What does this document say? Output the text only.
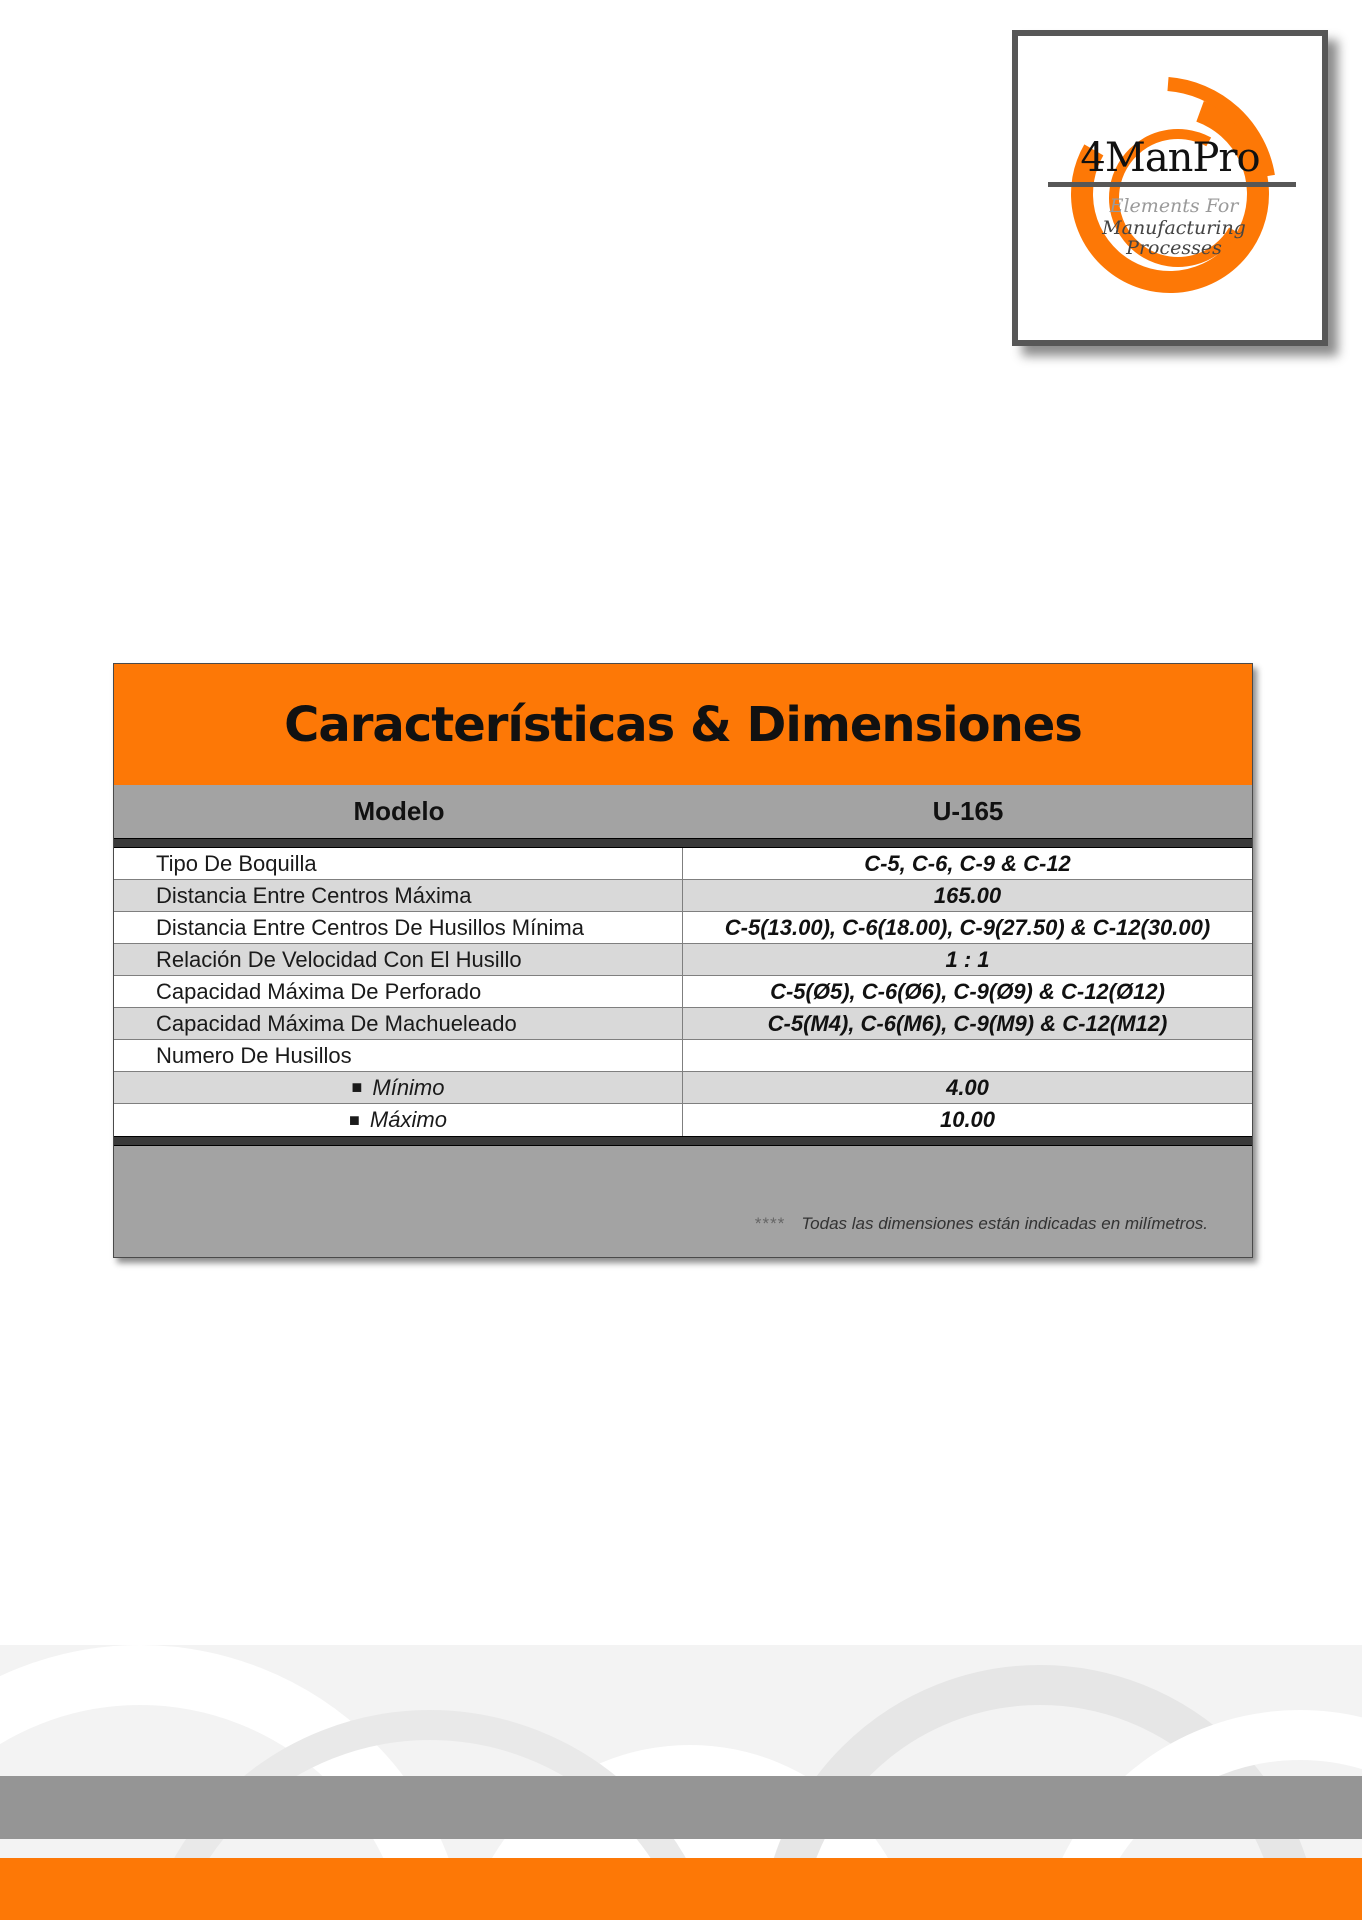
4ManPro
Elements For
Manufacturing Processes
Características & Dimensiones
Modelo	U-165
Tipo De Boquilla	C-5, C-6, C-9 & C-12
Distancia Entre Centros Máxima	165.00
Distancia Entre Centros De Husillos Mínima	C-5(13.00), C-6(18.00), C-9(27.50) & C-12(30.00)
Relación De Velocidad Con El Husillo	1 : 1
Capacidad Máxima De Perforado	C-5(Ø5), C-6(Ø6), C-9(Ø9) & C-12(Ø12)
Capacidad Máxima De Machueleado	C-5(M4), C-6(M6), C-9(M9) & C-12(M12)
Numero De Husillos
■ Mínimo	4.00
■ Máximo	10.00
**** Todas las dimensiones están indicadas en milímetros.
